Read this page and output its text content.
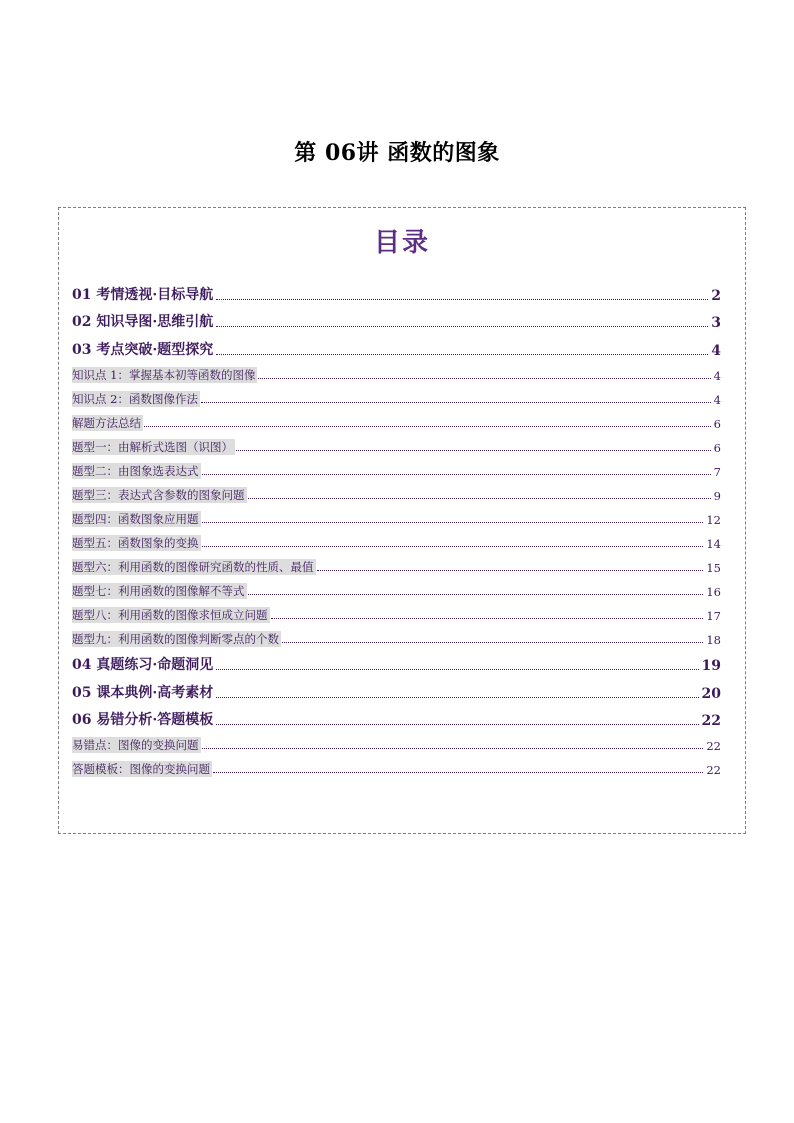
第 06讲 函数的图象
目录
01 考情透视·目标导航	2
02 知识导图·思维引航	3
03 考点突破·题型探究	4
知识点 1：掌握基本初等函数的图像	4
知识点 2：函数图像作法	4
解题方法总结	6
题型一：由解析式选图（识图）	6
题型二：由图象选表达式	7
题型三：表达式含参数的图象问题	9
题型四：函数图象应用题	12
题型五：函数图象的变换	14
题型六：利用函数的图像研究函数的性质、最值	15
题型七：利用函数的图像解不等式	16
题型八：利用函数的图像求恒成立问题	17
题型九：利用函数的图像判断零点的个数	18
04 真题练习·命题洞见	19
05 课本典例·高考素材	20
06 易错分析·答题模板	22
易错点：图像的变换问题	22
答题模板：图像的变换问题	22
